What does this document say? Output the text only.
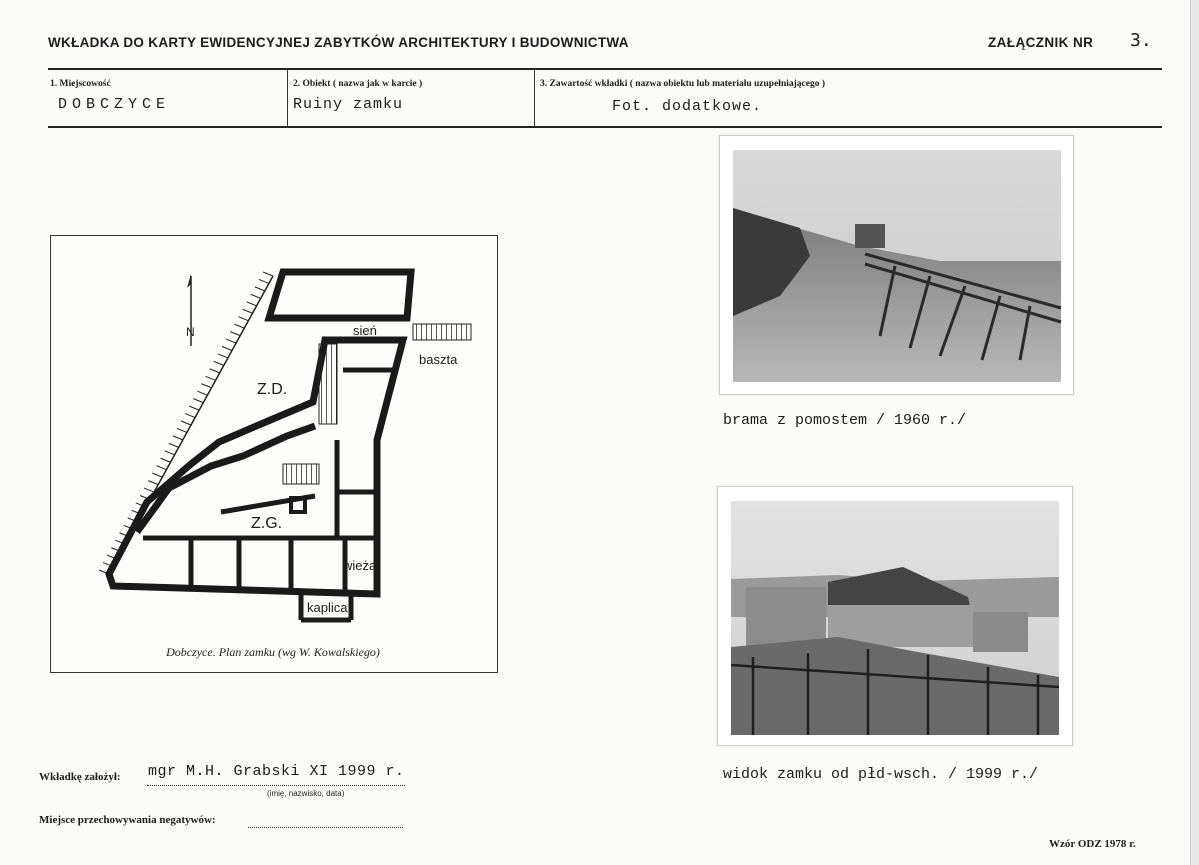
WKŁADKA DO KARTY EWIDENCYJNEJ ZABYTKÓW ARCHITEKTURY I BUDOWNICTWA	ZAŁĄCZNIK NR 3.
1. Miejscowość
DOBCZYCE
2. Obiekt ( nazwa jak w karcie )
Ruiny zamku
3. Zawartość wkładki ( nazwa obiektu lub materiału uzupełniającego )
Fot. dodatkowe.
N	sień
baszta
Z.D.
Z.G.
wieża
kaplica
Dobczyce. Plan zamku (wg W. Kowalskiego)
brama z pomostem / 1960 r./
widok zamku od płd-wsch. / 1999 r./
Wkładkę założył: mgr M.H. Grabski XI 1999 r.
(imię, nazwisko, data)
Miejsce przechowywania negatywów:
Wzór ODZ 1978 r.
